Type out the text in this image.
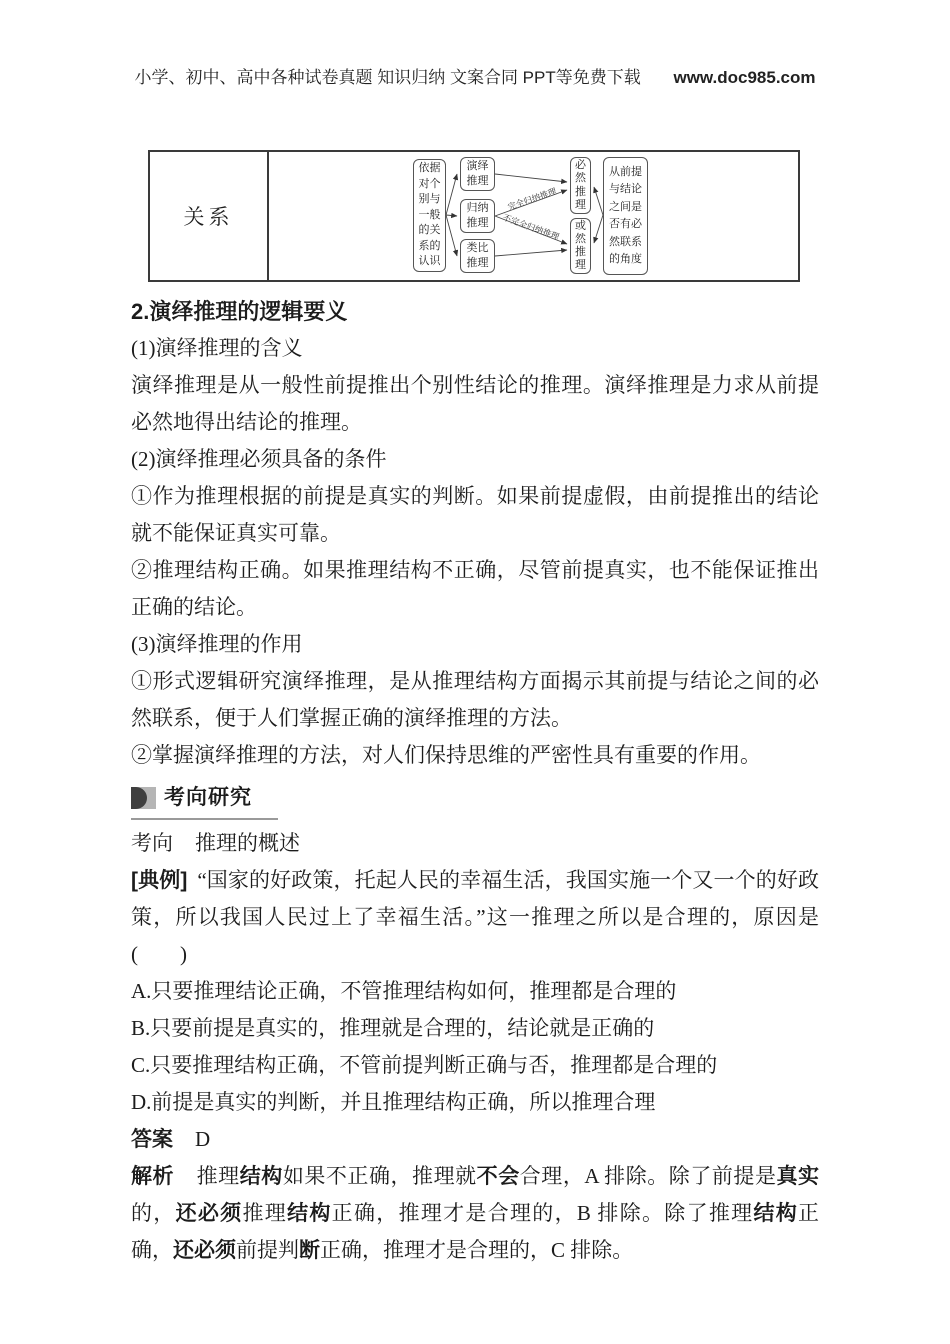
小学、初中、高中各种试卷真题 知识归纳 文案合同 PPT等免费下载 www.doc985.com
关系
依据对个别与一般的关系的认识
演绎推理
归纳推理
类比推理
必然推理
或然推理
从前提与结论之间是否有必然联系的角度
完全归纳推理
不完全归纳推理
2.演绎推理的逻辑要义
(1)演绎推理的含义
演绎推理是从一般性前提推出个别性结论的推理。演绎推理是力求从前提必然地得出结论的推理。
(2)演绎推理必须具备的条件
①作为推理根据的前提是真实的判断。如果前提虚假，由前提推出的结论就不能保证真实可靠。
②推理结构正确。如果推理结构不正确，尽管前提真实，也不能保证推出正确的结论。
(3)演绎推理的作用
①形式逻辑研究演绎推理，是从推理结构方面揭示其前提与结论之间的必然联系，便于人们掌握正确的演绎推理的方法。
②掌握演绎推理的方法，对人们保持思维的严密性具有重要的作用。
考向研究
考向 推理的概述
[典例] “国家的好政策，托起人民的幸福生活，我国实施一个又一个的好政策，所以我国人民过上了幸福生活。”这一推理之所以是合理的，原因是(　　)
A.只要推理结论正确，不管推理结构如何，推理都是合理的
B.只要前提是真实的，推理就是合理的，结论就是正确的
C.只要推理结构正确，不管前提判断正确与否，推理都是合理的
D.前提是真实的判断，并且推理结构正确，所以推理合理
答案 D
解析 推理结构如果不正确，推理就不会合理，A 排除。除了前提是真实的，还必须推理结构正确，推理才是合理的，B 排除。除了推理结构正确，还必须前提判断正确，推理才是合理的，C 排除。
